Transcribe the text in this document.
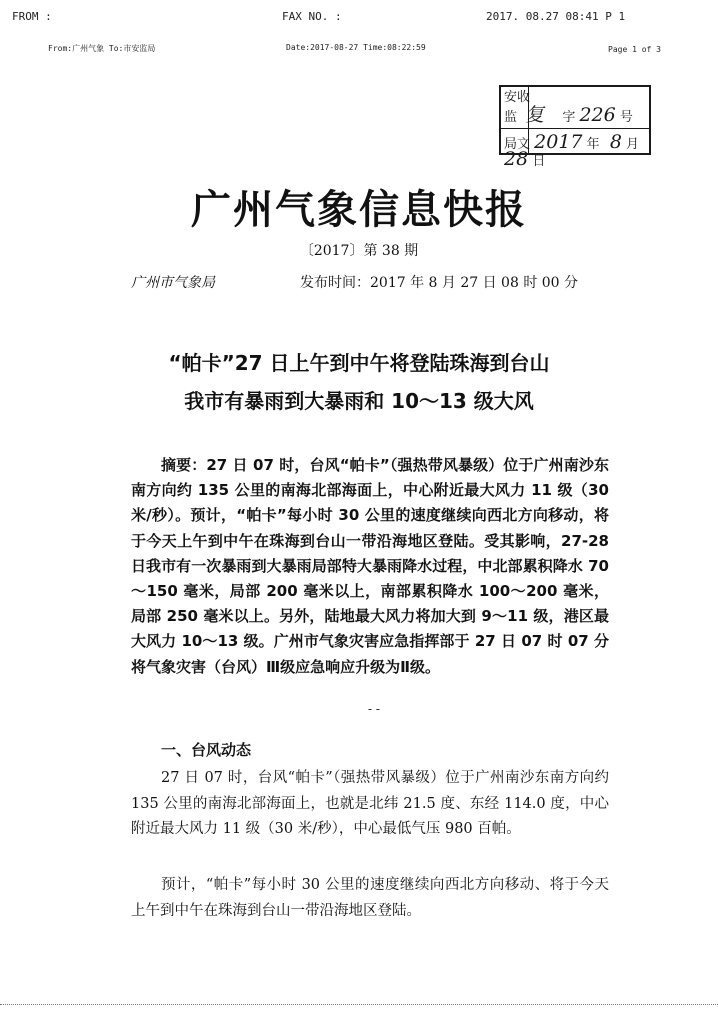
FROM :	FAX NO. :	2017. 08.27 08:41 P 1
From:广州气象 To:市安监局	Date:2017-08-27 Time:08:22:59	Page 1 of 3
安收
监 复 字 226 号
局文 2017 年 8 月 28 日
广州气象信息快报
〔2017〕第 38 期
广州市气象局	发布时间：2017 年 8 月 27 日 08 时 00 分
“帕卡”27 日上午到中午将登陆珠海到台山
我市有暴雨到大暴雨和 10～13 级大风
摘要：27 日 07 时，台风“帕卡”（强热带风暴级）位于广州南沙东南方向约 135 公里的南海北部海面上，中心附近最大风力 11 级（30 米/秒）。预计，“帕卡”每小时 30 公里的速度继续向西北方向移动，将于今天上午到中午在珠海到台山一带沿海地区登陆。受其影响，27-28 日我市有一次暴雨到大暴雨局部特大暴雨降水过程，中北部累积降水 70～150 毫米，局部 200 毫米以上，南部累积降水 100～200 毫米，局部 250 毫米以上。另外，陆地最大风力将加大到 9～11 级，港区最大风力 10～13 级。广州市气象灾害应急指挥部于 27 日 07 时 07 分将气象灾害（台风）Ⅲ级应急响应升级为Ⅱ级。
- -
一、台风动态
27 日 07 时，台风“帕卡”（强热带风暴级）位于广州南沙东南方向约 135 公里的南海北部海面上，也就是北纬 21.5 度、东经 114.0 度，中心附近最大风力 11 级（30 米/秒），中心最低气压 980 百帕。
预计，“帕卡”每小时 30 公里的速度继续向西北方向移动、将于今天上午到中午在珠海到台山一带沿海地区登陆。
